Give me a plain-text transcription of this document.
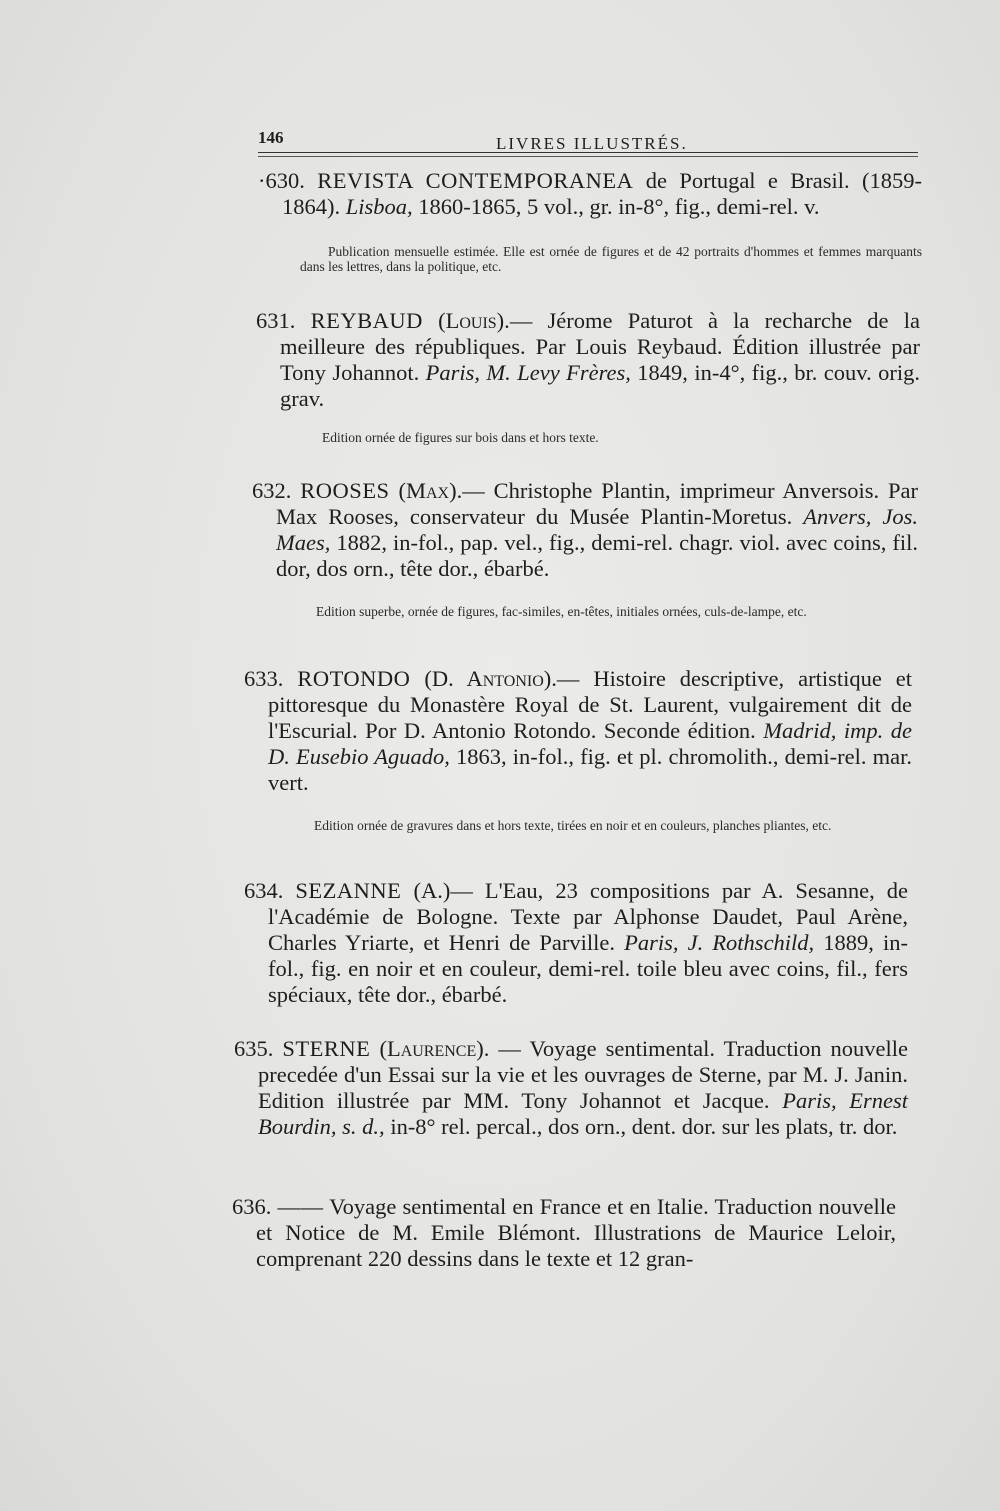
146	LIVRES ILLUSTRÉS.

·630. REVISTA CONTEMPORANEA de Portugal e Brasil. (1859-1864). Lisboa, 1860-1865, 5 vol., gr. in-8°, fig., demi-rel. v.

Publication mensuelle estimée. Elle est ornée de figures et de 42 portraits d'hommes et femmes marquants dans les lettres, dans la politique, etc.

631. REYBAUD (Louis).— Jérome Paturot à la recharche de la meilleure des républiques. Par Louis Reybaud. Édition illustrée par Tony Johannot. Paris, M. Levy Frères, 1849, in-4°, fig., br. couv. orig. grav.

Edition ornée de figures sur bois dans et hors texte.

632. ROOSES (Max).— Christophe Plantin, imprimeur Anversois. Par Max Rooses, conservateur du Musée Plantin-Moretus. Anvers, Jos. Maes, 1882, in-fol., pap. vel., fig., demi-rel. chagr. viol. avec coins, fil. dor, dos orn., tête dor., ébarbé.

Edition superbe, ornée de figures, fac-similes, en-têtes, initiales ornées, culs-de-lampe, etc.

633. ROTONDO (D. Antonio).— Histoire descriptive, artistique et pittoresque du Monastère Royal de St. Laurent, vulgairement dit de l'Escurial. Por D. Antonio Rotondo. Seconde édition. Madrid, imp. de D. Eusebio Aguado, 1863, in-fol., fig. et pl. chromolith., demi-rel. mar. vert.

Edition ornée de gravures dans et hors texte, tirées en noir et en couleurs, planches pliantes, etc.

634. SEZANNE (A.)— L'Eau, 23 compositions par A. Sesanne, de l'Académie de Bologne. Texte par Alphonse Daudet, Paul Arène, Charles Yriarte, et Henri de Parville. Paris, J. Rothschild, 1889, in-fol., fig. en noir et en couleur, demi-rel. toile bleu avec coins, fil., fers spéciaux, tête dor., ébarbé.

635. STERNE (Laurence). — Voyage sentimental. Traduction nouvelle precedée d'un Essai sur la vie et les ouvrages de Sterne, par M. J. Janin. Edition illustrée par MM. Tony Johannot et Jacque. Paris, Ernest Bourdin, s. d., in-8° rel. percal., dos orn., dent. dor. sur les plats, tr. dor.

636. —— Voyage sentimental en France et en Italie. Traduction nouvelle et Notice de M. Emile Blémont. Illustrations de Maurice Leloir, comprenant 220 dessins dans le texte et 12 gran-
